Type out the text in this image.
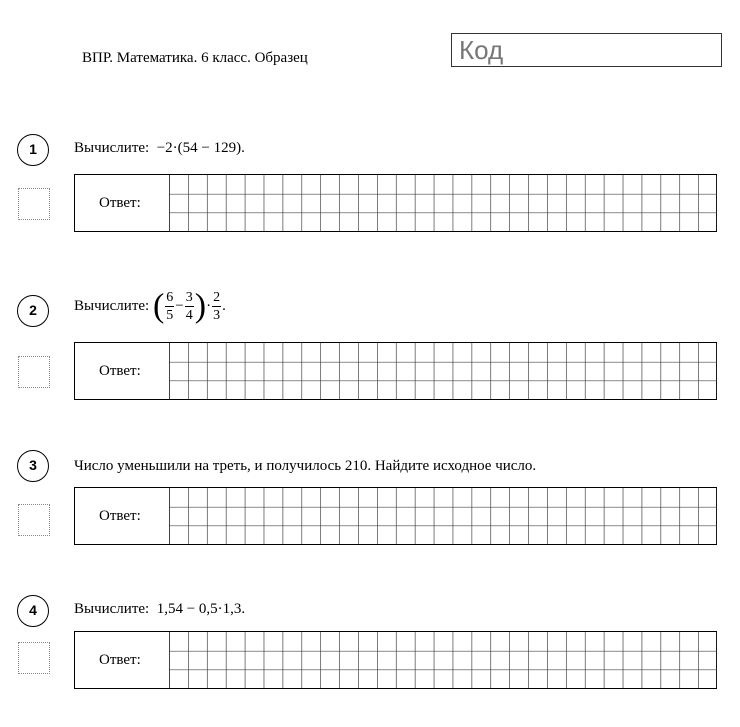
ВПР. Математика. 6 класс. Образец	Код
1	Вычислите: −2·(54 − 129).
Ответ:
2	Вычислите: ( $\frac{6}{5} - \frac{3}{4}$ )· $\frac{2}{3}$ .
Ответ:
3	Число уменьшили на треть, и получилось 210. Найдите исходное число.
Ответ:
4	Вычислите: 1,54 − 0,5·1,3.
Ответ:
